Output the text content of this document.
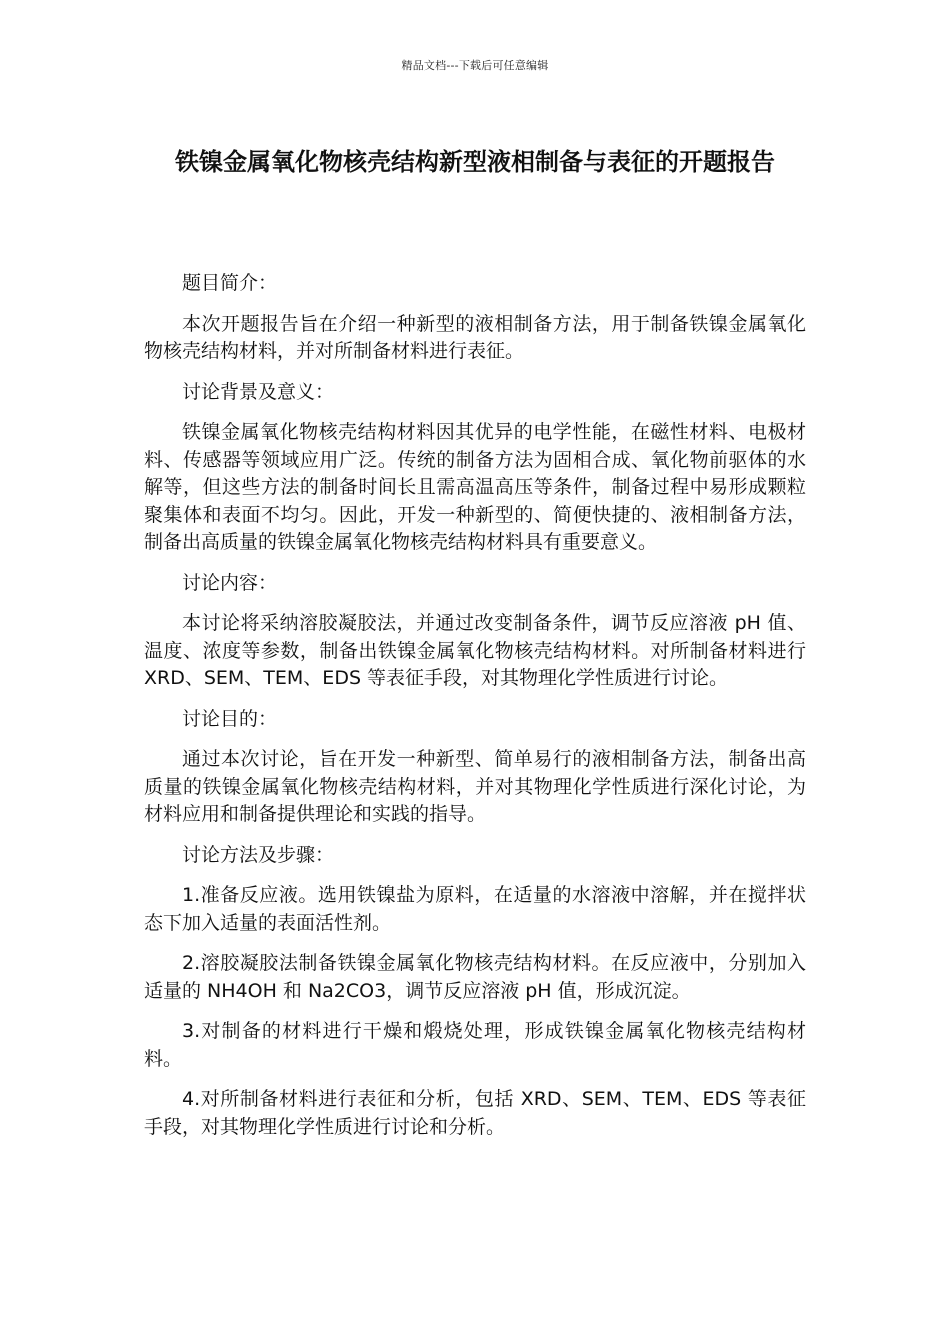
精品文档---下载后可任意编辑
铁镍金属氧化物核壳结构新型液相制备与表征的开题报告

题目简介：

本次开题报告旨在介绍一种新型的液相制备方法，用于制备铁镍金属氧化物核壳结构材料，并对所制备材料进行表征。

讨论背景及意义：

铁镍金属氧化物核壳结构材料因其优异的电学性能，在磁性材料、电极材料、传感器等领域应用广泛。传统的制备方法为固相合成、氧化物前驱体的水解等，但这些方法的制备时间长且需高温高压等条件，制备过程中易形成颗粒聚集体和表面不均匀。因此，开发一种新型的、简便快捷的、液相制备方法，制备出高质量的铁镍金属氧化物核壳结构材料具有重要意义。

讨论内容：

本讨论将采纳溶胶凝胶法，并通过改变制备条件，调节反应溶液 pH 值、温度、浓度等参数，制备出铁镍金属氧化物核壳结构材料。对所制备材料进行 XRD、SEM、TEM、EDS 等表征手段，对其物理化学性质进行讨论。

讨论目的：

通过本次讨论，旨在开发一种新型、简单易行的液相制备方法，制备出高质量的铁镍金属氧化物核壳结构材料，并对其物理化学性质进行深化讨论，为材料应用和制备提供理论和实践的指导。

讨论方法及步骤：

1.准备反应液。选用铁镍盐为原料，在适量的水溶液中溶解，并在搅拌状态下加入适量的表面活性剂。

2.溶胶凝胶法制备铁镍金属氧化物核壳结构材料。在反应液中，分别加入适量的 NH4OH 和 Na2CO3，调节反应溶液 pH 值，形成沉淀。

3.对制备的材料进行干燥和煅烧处理，形成铁镍金属氧化物核壳结构材料。

4.对所制备材料进行表征和分析，包括 XRD、SEM、TEM、EDS 等表征手段，对其物理化学性质进行讨论和分析。
